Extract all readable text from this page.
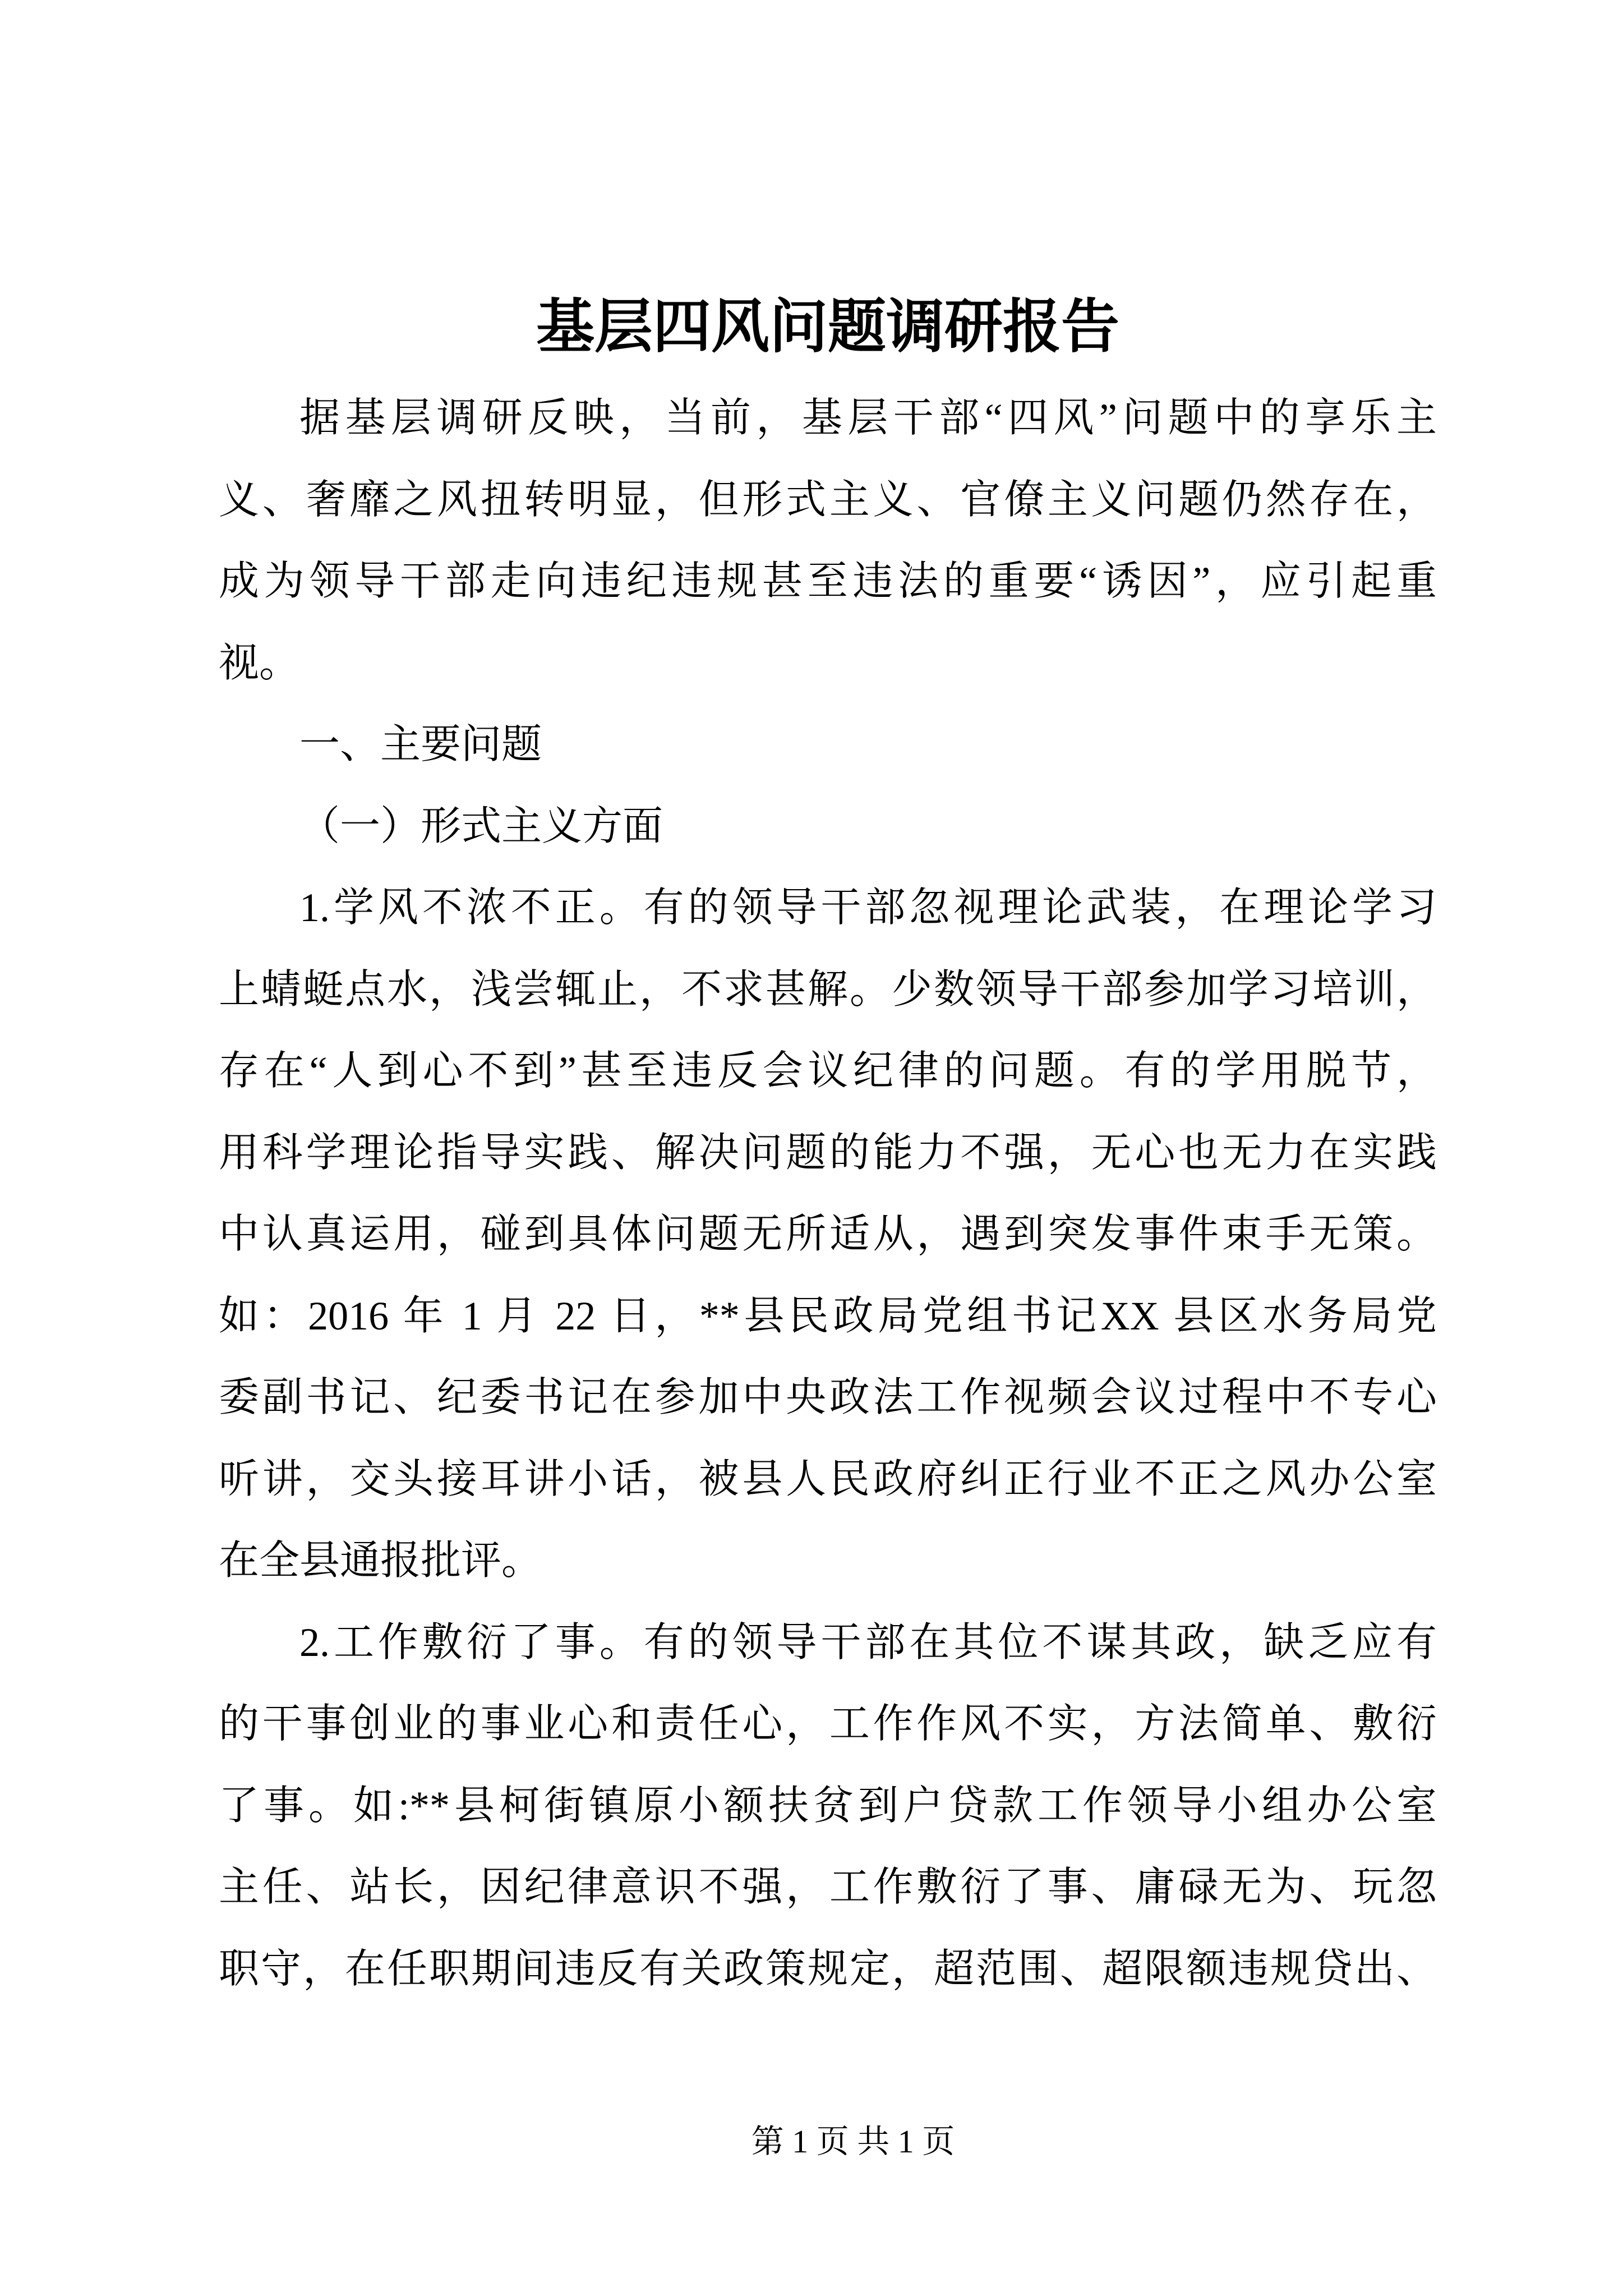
基层四风问题调研报告
据基层调研反映，当前，基层干部“四风”问题中的享乐主
义、奢靡之风扭转明显，但形式主义、官僚主义问题仍然存在，
成为领导干部走向违纪违规甚至违法的重要“诱因”，应引起重
视。
一、主要问题
（一）形式主义方面
1.学风不浓不正。有的领导干部忽视理论武装，在理论学习
上蜻蜓点水，浅尝辄止，不求甚解。少数领导干部参加学习培训，
存在“人到心不到”甚至违反会议纪律的问题。有的学用脱节，
用科学理论指导实践、解决问题的能力不强，无心也无力在实践
中认真运用，碰到具体问题无所适从，遇到突发事件束手无策。
如：2016 年 1 月 22 日，**县民政局党组书记XX 县区水务局党
委副书记、纪委书记在参加中央政法工作视频会议过程中不专心
听讲，交头接耳讲小话，被县人民政府纠正行业不正之风办公室
在全县通报批评。
2.工作敷衍了事。有的领导干部在其位不谋其政，缺乏应有
的干事创业的事业心和责任心，工作作风不实，方法简单、敷衍
了事。如:**县柯街镇原小额扶贫到户贷款工作领导小组办公室
主任、站长，因纪律意识不强，工作敷衍了事、庸碌无为、玩忽
职守，在任职期间违反有关政策规定，超范围、超限额违规贷出、
第 1 页 共 1 页
